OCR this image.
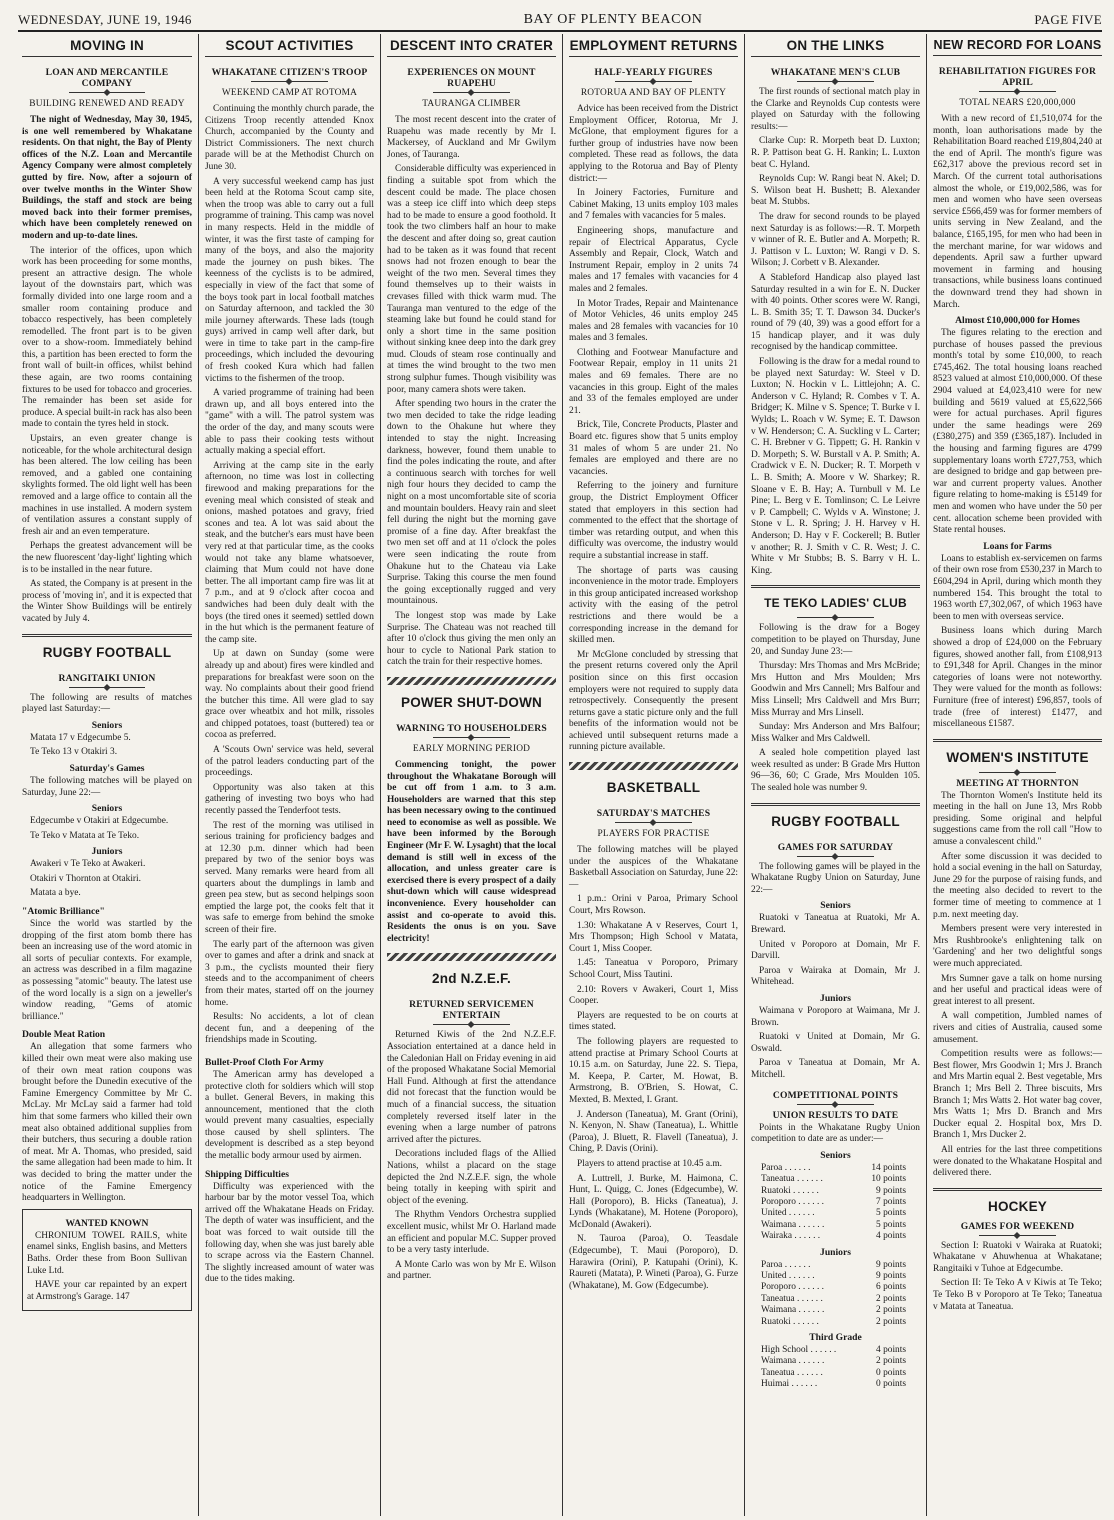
WEDNESDAY, JUNE 19, 1946	BAY OF PLENTY BEACON	PAGE FIVE
MOVING IN
LOAN AND MERCANTILE COMPANY
BUILDING RENEWED AND READY

The night of Wednesday, May 30, 1945, is one well remembered by Whakatane residents. On that night, the Bay of Plenty offices of the N.Z. Loan and Mercantile Agency Company were almost completely gutted by fire. Now, after a sojourn of over twelve months in the Winter Show Buildings, the staff and stock are being moved back into their former premises, which have been completely renewed on modern and up-to-date lines.

The interior of the offices, upon which work has been proceeding for some months, present an attractive design. The whole layout of the downstairs part, which was formally divided into one large room and a smaller room containing produce and tobacco respectively, has been completely remodelled. The front part is to be given over to a show-room. Immediately behind this, a partition has been erected to form the front wall of built-in offices, whilst behind these again, are two rooms containing fixtures to be used for tobacco and groceries. The remainder has been set aside for produce. A special built-in rack has also been made to contain the tyres held in stock.

Upstairs, an even greater change is noticeable, for the whole architectural design has been altered. The low ceiling has been removed, and a gabled one containing skylights formed. The old light well has been removed and a large office to contain all the machines in use installed. A modern system of ventilation assures a constant supply of fresh air and an even temperature.

Perhaps the greatest advancement will be the new fluorescent 'day-light' lighting which is to be installed in the near future.

As stated, the Company is at present in the process of 'moving in', and it is expected that the Winter Show Buildings will be entirely vacated by July 4.

RUGBY FOOTBALL
RANGITAIKI UNION

The following are results of matches played last Saturday:—

Seniors

Matata 17 v Edgecumbe 5.

Te Teko 13 v Otakiri 3.

Saturday's Games

The following matches will be played on Saturday, June 22:—

Seniors

Edgecumbe v Otakiri at Edgecumbe.

Te Teko v Matata at Te Teko.

Juniors

Awakeri v Te Teko at Awakeri.

Otakiri v Thornton at Otakiri.

Matata a bye.

"Atomic Brilliance"

Since the world was startled by the dropping of the first atom bomb there has been an increasing use of the word atomic in all sorts of peculiar contexts. For example, an actress was described in a film magazine as possessing "atomic" beauty. The latest use of the word locally is a sign on a jeweller's window reading, "Gems of atomic brilliance."

Double Meat Ration

An allegation that some farmers who killed their own meat were also making use of their own meat ration coupons was brought before the Dunedin executive of the Famine Emergency Committee by Mr C. McLay. Mr McLay said a farmer had told him that some farmers who killed their own meat also obtained additional supplies from their butchers, thus securing a double ration of meat. Mr A. Thomas, who presided, said the same allegation had been made to him. It was decided to bring the matter under the notice of the Famine Emergency headquarters in Wellington.

WANTED KNOWN

CHRONIUM TOWEL RAILS, white enamel sinks, English basins, and Metters Baths. Order these from Boon Sullivan Luke Ltd.

HAVE your car repainted by an expert at Armstrong's Garage. 147

SCOUT ACTIVITIES
WHAKATANE CITIZEN'S TROOP
WEEKEND CAMP AT ROTOMA

Continuing the monthly church parade, the Citizens Troop recently attended Knox Church, accompanied by the County and District Commissioners. The next church parade will be at the Methodist Church on June 30.

A very successful weekend camp has just been held at the Rotoma Scout camp site, when the troop was able to carry out a full programme of training. This camp was novel in many respects. Held in the middle of winter, it was the first taste of camping for many of the boys, and also the majority made the journey on push bikes. The keenness of the cyclists is to be admired, especially in view of the fact that some of the boys took part in local football matches on Saturday afternoon, and tackled the 30 mile journey afterwards. These lads (tough guys) arrived in camp well after dark, but were in time to take part in the camp-fire proceedings, which included the devouring of fresh cooked Kura which had fallen victims to the fishermen of the troop.

A varied programme of training had been drawn up, and all boys entered into the "game" with a will. The patrol system was the order of the day, and many scouts were able to pass their cooking tests without actually making a special effort.

Arriving at the camp site in the early afternoon, no time was lost in collecting firewood and making preparations for the evening meal which consisted of steak and onions, mashed potatoes and gravy, fried scones and tea. A lot was said about the steak, and the butcher's ears must have been very red at that particular time, as the cooks would not take any blame whatsoever, claiming that Mum could not have done better. The all important camp fire was lit at 7 p.m., and at 9 o'clock after cocoa and sandwiches had been duly dealt with the boys (the tired ones it seemed) settled down in the hut which is the permanent feature of the camp site.

Up at dawn on Sunday (some were already up and about) fires were kindled and preparations for breakfast were soon on the way. No complaints about their good friend the butcher this time. All were glad to say grace over wheatbix and hot milk, rissoles and chipped potatoes, toast (buttered) tea or cocoa as preferred.

A 'Scouts Own' service was held, several of the patrol leaders conducting part of the proceedings.

Opportunity was also taken at this gathering of investing two boys who had recently passed the Tenderfoot tests.

The rest of the morning was utilised in serious training for proficiency badges and at 12.30 p.m. dinner which had been prepared by two of the senior boys was served. Many remarks were heard from all quarters about the dumplings in lamb and green pea stew, but as second helpings soon emptied the large pot, the cooks felt that it was safe to emerge from behind the smoke screen of their fire.

The early part of the afternoon was given over to games and after a drink and snack at 3 p.m., the cyclists mounted their fiery steeds and to the accompaniment of cheers from their mates, started off on the journey home.

Results: No accidents, a lot of clean decent fun, and a deepening of the friendships made in Scouting.

Bullet-Proof Cloth For Army

The American army has developed a protective cloth for soldiers which will stop a bullet. General Bevers, in making this announcement, mentioned that the cloth would prevent many casualties, especially those caused by shell splinters. The development is described as a step beyond the metallic body armour used by airmen.

Shipping Difficulties

Difficulty was experienced with the harbour bar by the motor vessel Toa, which arrived off the Whakatane Heads on Friday. The depth of water was insufficient, and the boat was forced to wait outside till the following day, when she was just barely able to scrape across via the Eastern Channel. The slightly increased amount of water was due to the tides making.

DESCENT INTO CRATER
EXPERIENCES ON MOUNT RUAPEHU
TAURANGA CLIMBER

The most recent descent into the crater of Ruapehu was made recently by Mr I. Mackersey, of Auckland and Mr Gwilym Jones, of Tauranga.

Considerable difficulty was experienced in finding a suitable spot from which the descent could be made. The place chosen was a steep ice cliff into which deep steps had to be made to ensure a good foothold. It took the two climbers half an hour to make the descent and after doing so, great caution had to be taken as it was found that recent snows had not frozen enough to bear the weight of the two men. Several times they found themselves up to their waists in crevases filled with thick warm mud. The Tauranga man ventured to the edge of the steaming lake but found he could stand for only a short time in the same position without sinking knee deep into the dark grey mud. Clouds of steam rose continually and at times the wind brought to the two men strong sulphur fumes. Though visibility was poor, many camera shots were taken.

After spending two hours in the crater the two men decided to take the ridge leading down to the Ohakune hut where they intended to stay the night. Increasing darkness, however, found them unable to find the poles indicating the route, and after a continuous search with torches for well nigh four hours they decided to camp the night on a most uncomfortable site of scoria and mountain boulders. Heavy rain and sleet fell during the night but the morning gave promise of a fine day. After breakfast the two men set off and at 11 o'clock the poles were seen indicating the route from Ohakune hut to the Chateau via Lake Surprise. Taking this course the men found the going exceptionally rugged and very mountainous.

The longest stop was made by Lake Surprise. The Chateau was not reached till after 10 o'clock thus giving the men only an hour to cycle to National Park station to catch the train for their respective homes.

POWER SHUT-DOWN
WARNING TO HOUSEHOLDERS
EARLY MORNING PERIOD

Commencing tonight, the power throughout the Whakatane Borough will be cut off from 1 a.m. to 3 a.m. Householders are warned that this step has been necessary owing to the continued need to economise as well as possible. We have been informed by the Borough Engineer (Mr F. W. Lysaght) that the local demand is still well in excess of the allocation, and unless greater care is exercised there is every prospect of a daily shut-down which will cause widespread inconvenience. Every householder can assist and co-operate to avoid this. Residents the onus is on you. Save electricity!

2nd N.Z.E.F.
RETURNED SERVICEMEN ENTERTAIN

Returned Kiwis of the 2nd N.Z.E.F. Association entertained at a dance held in the Caledonian Hall on Friday evening in aid of the proposed Whakatane Social Memorial Hall Fund. Although at first the attendance did not forecast that the function would be much of a financial success, the situation completely reversed itself later in the evening when a large number of patrons arrived after the pictures.

Decorations included flags of the Allied Nations, whilst a placard on the stage depicted the 2nd N.Z.E.F. sign, the whole being totally in keeping with spirit and object of the evening.

The Rhythm Vendors Orchestra supplied excellent music, whilst Mr O. Harland made an efficient and popular M.C. Supper proved to be a very tasty interlude.

A Monte Carlo was won by Mr E. Wilson and partner.

EMPLOYMENT RETURNS
HALF-YEARLY FIGURES
ROTORUA AND BAY OF PLENTY

Advice has been received from the District Employment Officer, Rotorua, Mr J. McGlone, that employment figures for a further group of industries have now been completed. These read as follows, the data applying to the Rotorua and Bay of Plenty district:—

In Joinery Factories, Furniture and Cabinet Making, 13 units employ 103 males and 7 females with vacancies for 5 males.

Engineering shops, manufacture and repair of Electrical Apparatus, Cycle Assembly and Repair, Clock, Watch and Instrument Repair, employ in 2 units 74 males and 17 females with vacancies for 4 males and 2 females.

In Motor Trades, Repair and Maintenance of Motor Vehicles, 46 units employ 245 males and 28 females with vacancies for 10 males and 3 females.

Clothing and Footwear Manufacture and Footwear Repair, employ in 11 units 21 males and 69 females. There are no vacancies in this group. Eight of the males and 33 of the females employed are under 21.

Brick, Tile, Concrete Products, Plaster and Board etc. figures show that 5 units employ 31 males of whom 5 are under 21. No females are employed and there are no vacancies.

Referring to the joinery and furniture group, the District Employment Officer stated that employers in this section had commented to the effect that the shortage of timber was retarding output, and when this difficulty was overcome, the industry would require a substantial increase in staff.

The shortage of parts was causing inconvenience in the motor trade. Employers in this group anticipated increased workshop activity with the easing of the petrol restrictions and there would be a corresponding increase in the demand for skilled men.

Mr McGlone concluded by stressing that the present returns covered only the April position since on this first occasion employers were not required to supply data retrospectively. Consequently the present returns gave a static picture only and the full benefits of the information would not be achieved until subsequent returns made a running picture available.

BASKETBALL
SATURDAY'S MATCHES
PLAYERS FOR PRACTISE

The following matches will be played under the auspices of the Whakatane Basketball Association on Saturday, June 22:—

1 p.m.: Orini v Paroa, Primary School Court, Mrs Rowson.

1.30: Whakatane A v Reserves, Court 1, Mrs Thompson; High School v Matata, Court 1, Miss Cooper.

1.45: Taneatua v Poroporo, Primary School Court, Miss Tautini.

2.10: Rovers v Awakeri, Court 1, Miss Cooper.

Players are requested to be on courts at times stated.

The following players are requested to attend practise at Primary School Courts at 10.15 a.m. on Saturday, June 22. S. Tiepa, M. Keepa, P. Carter, M. Howat, B. Armstrong, B. O'Brien, S. Howat, C. Mexted, B. Mexted, I. Grant.

J. Anderson (Taneatua), M. Grant (Orini), N. Kenyon, N. Shaw (Taneatua), L. Whittle (Paroa), J. Bluett, R. Flavell (Taneatua), J. Ching, P. Davis (Orini).

Players to attend practise at 10.45 a.m.

A. Luttrell, J. Burke, M. Haimona, C. Hunt, L. Quigg, C. Jones (Edgecumbe), W. Hall (Poroporo), B. Hicks (Taneatua), J. Lynds (Whakatane), M. Hotene (Poroporo), McDonald (Awakeri).

N. Tauroa (Paroa), O. Teasdale (Edgecumbe), T. Maui (Poroporo), D. Harawira (Orini), P. Katupahi (Orini), K. Raureti (Matata), P. Wineti (Paroa), G. Furze (Whakatane), M. Gow (Edgecumbe).

ON THE LINKS
WHAKATANE MEN'S CLUB

The first rounds of sectional match play in the Clarke and Reynolds Cup contests were played on Saturday with the following results:—

Clarke Cup: R. Morpeth beat D. Luxton; R. P. Pattison beat G. H. Rankin; L. Luxton beat C. Hyland.

Reynolds Cup: W. Rangi beat N. Akel; D. S. Wilson beat H. Bushett; B. Alexander beat M. Stubbs.

The draw for second rounds to be played next Saturday is as follows:—R. T. Morpeth v winner of R. E. Butler and A. Morpeth; R. J. Pattison v L. Luxton; W. Rangi v D. S. Wilson; J. Corbett v B. Alexander.

A Stableford Handicap also played last Saturday resulted in a win for E. N. Ducker with 40 points. Other scores were W. Rangi, L. B. Smith 35; T. T. Dawson 34. Ducker's round of 79 (40, 39) was a good effort for a 15 handicap player, and it was duly recognised by the handicap committee.

Following is the draw for a medal round to be played next Saturday: W. Steel v D. Luxton; N. Hockin v L. Littlejohn; A. C. Anderson v C. Hyland; R. Combes v T. A. Bridger; K. Milne v S. Spence; T. Burke v I. Wylds; L. Roach v W. Syme; E. T. Dawson v W. Henderson; C. A. Suckling v L. Carter; C. H. Brebner v G. Tippett; G. H. Rankin v D. Morpeth; S. W. Burstall v A. P. Smith; A. Cradwick v E. N. Ducker; R. T. Morpeth v L. B. Smith; A. Moore v W. Sharkey; R. Sloane v E. B. Hay; A. Turnbull v M. Le Pine; L. Berg v E. Tomlinson; C. Le Leivre v P. Campbell; C. Wylds v A. Winstone; J. Stone v L. R. Spring; J. H. Harvey v H. Anderson; D. Hay v F. Cockerell; B. Butler v another; R. J. Smith v C. R. West; J. C. White v Mr Stubbs; B. S. Barry v H. L. King.

TE TEKO LADIES' CLUB

Following is the draw for a Bogey competition to be played on Thursday, June 20, and Sunday June 23:—

Thursday: Mrs Thomas and Mrs McBride; Mrs Hutton and Mrs Moulden; Mrs Goodwin and Mrs Cannell; Mrs Balfour and Miss Linsell; Mrs Caldwell and Mrs Burr; Miss Murray and Mrs Linsell.

Sunday: Mrs Anderson and Mrs Balfour; Miss Walker and Mrs Caldwell.

A sealed hole competition played last week resulted as under: B Grade Mrs Hutton 96—36, 60; C Grade, Mrs Moulden 105. The sealed hole was number 9.

RUGBY FOOTBALL
GAMES FOR SATURDAY

The following games will be played in the Whakatane Rugby Union on Saturday, June 22:—

Seniors

Ruatoki v Taneatua at Ruatoki, Mr A. Breward.

United v Poroporo at Domain, Mr F. Darvill.

Paroa v Wairaka at Domain, Mr J. Whitehead.

Juniors

Waimana v Poroporo at Waimana, Mr J. Brown.

Ruatoki v United at Domain, Mr G. Oswald.

Paroa v Taneatua at Domain, Mr A. Mitchell.

COMPETITIONAL POINTS
UNION RESULTS TO DATE

Points in the Whakatane Rugby Union competition to date are as under:—

Seniors
Paroa . . . . . .	14 points
Taneatua . . . . . .	10 points
Ruatoki . . . . . .	9 points
Poroporo . . . . . .	7 points
United . . . . . .	5 points
Waimana . . . . . .	5 points
Wairaka . . . . . .	4 points
Juniors
Paroa . . . . . .	9 points
United . . . . . .	9 points
Poroporo . . . . . .	6 points
Taneatua . . . . . .	2 points
Waimana . . . . . .	2 points
Ruatoki . . . . . .	2 points
Third Grade
High School . . . . . .	4 points
Waimana . . . . . .	2 points
Taneatua . . . . . .	0 points
Huimai . . . . . .	0 points
NEW RECORD FOR LOANS
REHABILITATION FIGURES FOR APRIL
TOTAL NEARS £20,000,000

With a new record of £1,510,074 for the month, loan authorisations made by the Rehabilitation Board reached £19,804,240 at the end of April. The month's figure was £62,317 above the previous record set in March. Of the current total authorisations almost the whole, or £19,002,586, was for men and women who have seen overseas service £566,459 was for former members of units serving in New Zealand, and the balance, £165,195, for men who had been in the merchant marine, for war widows and dependents. April saw a further upward movement in farming and housing transactions, while business loans continued the downward trend they had shown in March.

Almost £10,000,000 for Homes

The figures relating to the erection and purchase of houses passed the previous month's total by some £10,000, to reach £745,462. The total housing loans reached 8523 valued at almost £10,000,000. Of these 2904 valued at £4,023,410 were for new building and 5619 valued at £5,622,566 were for actual purchases. April figures under the same headings were 269 (£380,275) and 359 (£365,187). Included in the housing and farming figures are 4799 supplementary loans worth £727,753, which are designed to bridge and gap between pre-war and current property values. Another figure relating to home-making is £5149 for men and women who have under the 50 per cent. allocation scheme been provided with State rental houses.

Loans for Farms

Loans to establish ex-servicemen on farms of their own rose from £530,237 in March to £604,294 in April, during which month they numbered 154. This brought the total to 1963 worth £7,302,067, of which 1963 have been to men with overseas service.

Business loans which during March showed a drop of £24,000 on the February figures, showed another fall, from £108,913 to £91,348 for April. Changes in the minor categories of loans were not noteworthy. They were valued for the month as follows: Furniture (free of interest) £96,857, tools of trade (free of interest) £1477, and miscellaneous £1587.

WOMEN'S INSTITUTE
MEETING AT THORNTON

The Thornton Women's Institute held its meeting in the hall on June 13, Mrs Robb presiding. Some original and helpful suggestions came from the roll call "How to amuse a convalescent child."

After some discussion it was decided to hold a social evening in the hall on Saturday, June 29 for the purpose of raising funds, and the meeting also decided to revert to the former time of meeting to commence at 1 p.m. next meeting day.

Members present were very interested in Mrs Rushbrooke's enlightening talk on 'Gardening' and her two delightful songs were much appreciated.

Mrs Sumner gave a talk on home nursing and her useful and practical ideas were of great interest to all present.

A wall competition, Jumbled names of rivers and cities of Australia, caused some amusement.

Competition results were as follows:—Best flower, Mrs Goodwin 1; Mrs J. Branch and Mrs Martin equal 2. Best vegetable, Mrs Branch 1; Mrs Bell 2. Three biscuits, Mrs Branch 1; Mrs Watts 2. Hot water bag cover, Mrs Watts 1; Mrs D. Branch and Mrs Ducker equal 2. Hospital box, Mrs D. Branch 1, Mrs Ducker 2.

All entries for the last three competitions were donated to the Whakatane Hospital and delivered there.

HOCKEY
GAMES FOR WEEKEND

Section I: Ruatoki v Wairaka at Ruatoki; Whakatane v Ahuwhenua at Whakatane; Rangitaiki v Tuhoe at Edgecumbe.

Section II: Te Teko A v Kiwis at Te Teko; Te Teko B v Poroporo at Te Teko; Taneatua v Matata at Taneatua.
